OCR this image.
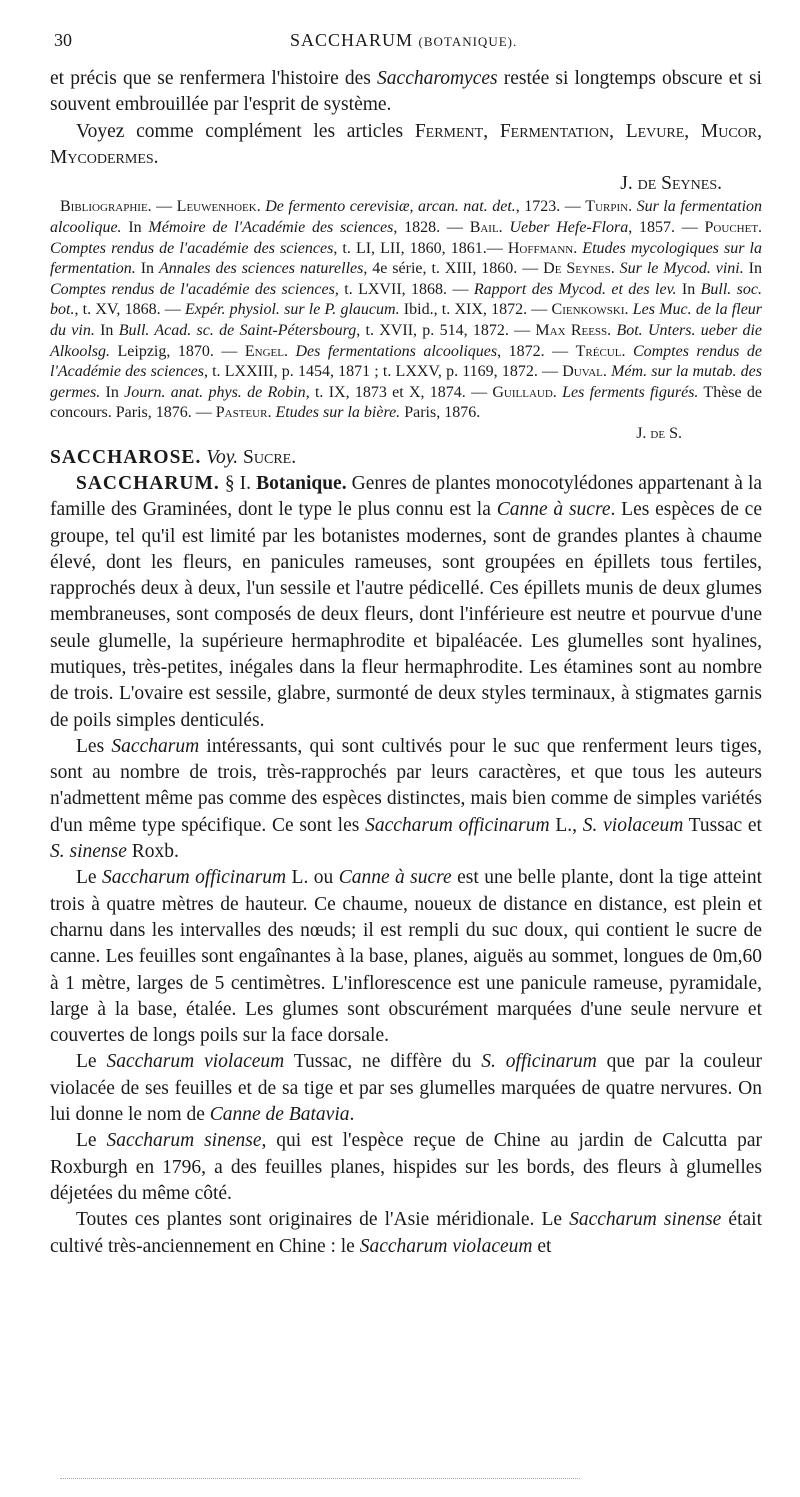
30	SACCHARUM (BOTANIQUE).

et précis que se renfermera l'histoire des Saccharomyces restée si longtemps obscure et si souvent embrouillée par l'esprit de système.

Voyez comme complément les articles Ferment, Fermentation, Levure, Mucor, Mycodermes.

J. de Seynes.

Bibliographie. — Leuwenhoek. De fermento cerevisiæ, arcan. nat. det., 1723. — Turpin. Sur la fermentation alcoolique. In Mémoire de l'Académie des sciences, 1828. — Bail. Ueber Hefe-Flora, 1857. — Pouchet. Comptes rendus de l'académie des sciences, t. LI, LII, 1860, 1861.— Hoffmann. Etudes mycologiques sur la fermentation. In Annales des sciences naturelles, 4e série, t. XIII, 1860. — De Seynes. Sur le Mycod. vini. In Comptes rendus de l'académie des sciences, t. LXVII, 1868. — Rapport des Mycod. et des lev. In Bull. soc. bot., t. XV, 1868. — Expér. physiol. sur le P. glaucum. Ibid., t. XIX, 1872. — Cienkowski. Les Muc. de la fleur du vin. In Bull. Acad. sc. de Saint-Pétersbourg, t. XVII, p. 514, 1872. — Max Reess. Bot. Unters. ueber die Alkoolsg. Leipzig, 1870. — Engel. Des fermentations alcooliques, 1872. — Trécul. Comptes rendus de l'Académie des sciences, t. LXXIII, p. 1454, 1871 ; t. LXXV, p. 1169, 1872. — Duval. Mém. sur la mutab. des germes. In Journ. anat. phys. de Robin, t. IX, 1873 et X, 1874. — Guillaud. Les ferments figurés. Thèse de concours. Paris, 1876. — Pasteur. Etudes sur la bière. Paris, 1876.

J. de S.

SACCHAROSE. Voy. Sucre.

SACCHARUM. § I. Botanique. Genres de plantes monocotylédones appartenant à la famille des Graminées, dont le type le plus connu est la Canne à sucre. Les espèces de ce groupe, tel qu'il est limité par les botanistes modernes, sont de grandes plantes à chaume élevé, dont les fleurs, en panicules rameuses, sont groupées en épillets tous fertiles, rapprochés deux à deux, l'un sessile et l'autre pédicellé. Ces épillets munis de deux glumes membraneuses, sont composés de deux fleurs, dont l'inférieure est neutre et pourvue d'une seule glumelle, la supérieure hermaphrodite et bipaléacée. Les glumelles sont hyalines, mutiques, très-petites, inégales dans la fleur hermaphrodite. Les étamines sont au nombre de trois. L'ovaire est sessile, glabre, surmonté de deux styles terminaux, à stigmates garnis de poils simples denticulés.

Les Saccharum intéressants, qui sont cultivés pour le suc que renferment leurs tiges, sont au nombre de trois, très-rapprochés par leurs caractères, et que tous les auteurs n'admettent même pas comme des espèces distinctes, mais bien comme de simples variétés d'un même type spécifique. Ce sont les Saccharum officinarum L., S. violaceum Tussac et S. sinense Roxb.

Le Saccharum officinarum L. ou Canne à sucre est une belle plante, dont la tige atteint trois à quatre mètres de hauteur. Ce chaume, noueux de distance en distance, est plein et charnu dans les intervalles des nœuds; il est rempli du suc doux, qui contient le sucre de canne. Les feuilles sont engaînantes à la base, planes, aiguës au sommet, longues de 0m,60 à 1 mètre, larges de 5 centimètres. L'inflorescence est une panicule rameuse, pyramidale, large à la base, étalée. Les glumes sont obscurément marquées d'une seule nervure et couvertes de longs poils sur la face dorsale.

Le Saccharum violaceum Tussac, ne diffère du S. officinarum que par la couleur violacée de ses feuilles et de sa tige et par ses glumelles marquées de quatre nervures. On lui donne le nom de Canne de Batavia.

Le Saccharum sinense, qui est l'espèce reçue de Chine au jardin de Calcutta par Roxburgh en 1796, a des feuilles planes, hispides sur les bords, des fleurs à glumelles déjetées du même côté.

Toutes ces plantes sont originaires de l'Asie méridionale. Le Saccharum sinense était cultivé très-anciennement en Chine : le Saccharum violaceum et
